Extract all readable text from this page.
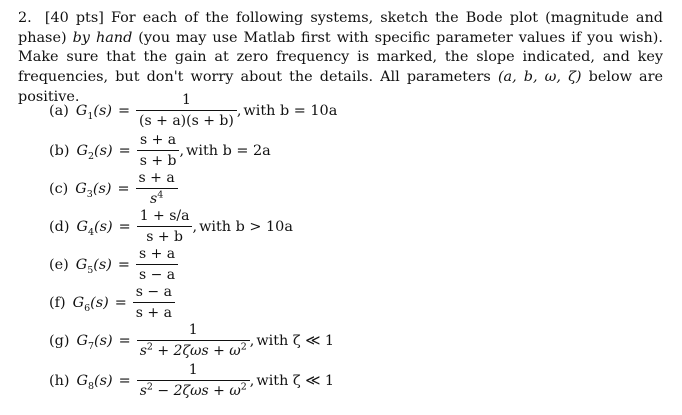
2. [40 pts] For each of the following systems, sketch the Bode plot (magnitude and phase) by hand (you may use Matlab first with specific parameter values if you wish). Make sure that the gain at zero frequency is marked, the slope indicated, and key frequencies, but don't worry about the details. All parameters (a, b, ω, ζ) below are positive.
(a) $G_1(s) = \frac{1}{(s + a)(s + b)}$ , with b = 10a
(b) $G_2(s) = \frac{s + a}{s + b}$ , with b = 2a
(c) $G_3(s) = \frac{s + a}{s^4}$
(d) $G_4(s) = \frac{1 + s/a}{s + b}$ , with b > 10a
(e) $G_5(s) = \frac{s + a}{s - a}$
(f) $G_6(s) = \frac{s - a}{s + a}$
(g) $G_7(s) = \frac{1}{s^2 + 2\zeta\omega s + \omega^2}$ , with ζ ≪ 1
(h) $G_8(s) = \frac{1}{s^2 - 2\zeta\omega s + \omega^2}$ , with ζ ≪ 1
